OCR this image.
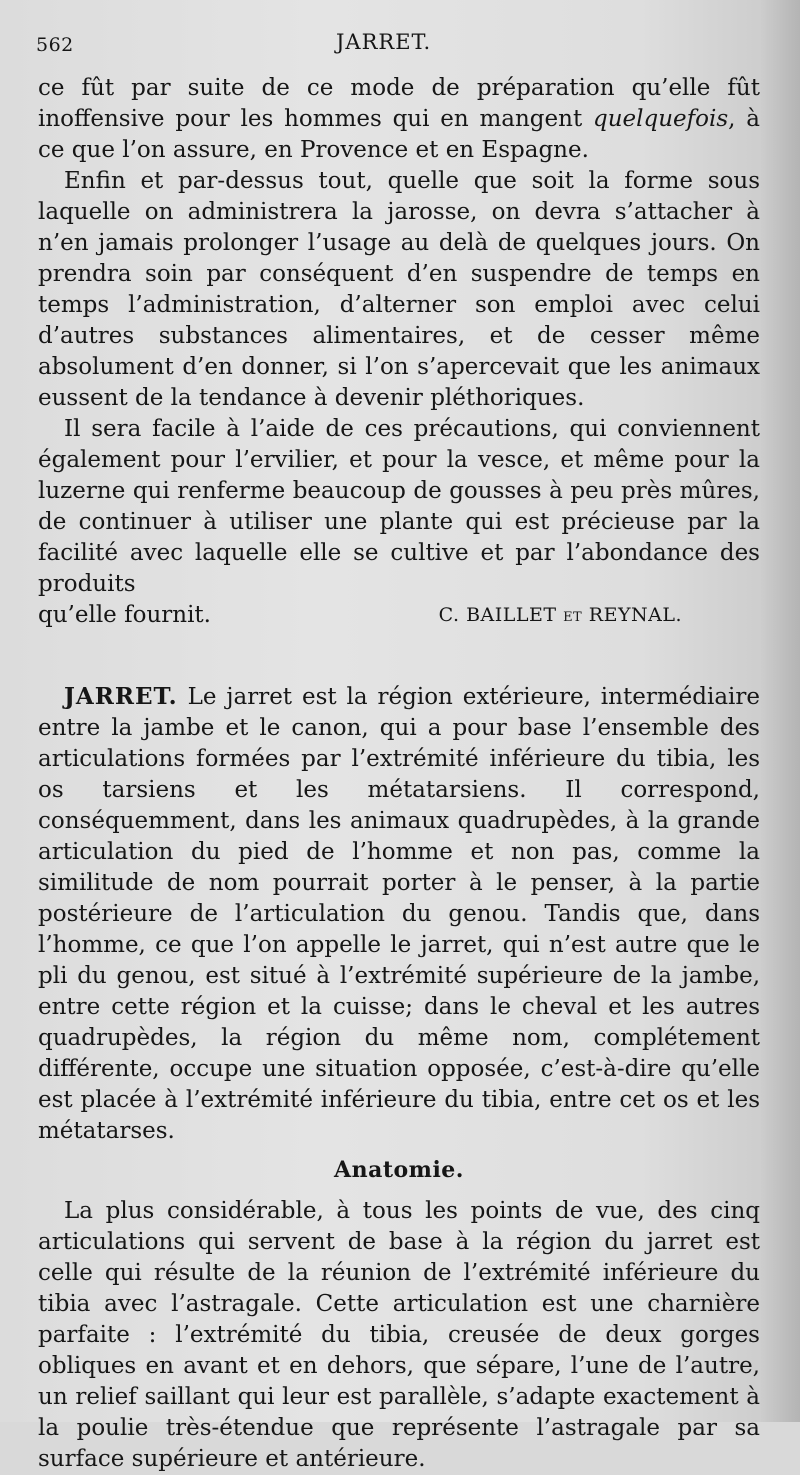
562	JARRET.

ce fût par suite de ce mode de préparation qu’elle fût inoffensive pour les hommes qui en mangent quelquefois, à ce que l’on assure, en Provence et en Espagne.

Enfin et par-dessus tout, quelle que soit la forme sous laquelle on administrera la jarosse, on devra s’attacher à n’en jamais prolonger l’usage au delà de quelques jours. On prendra soin par conséquent d’en suspendre de temps en temps l’administration, d’alterner son emploi avec celui d’autres substances alimentaires, et de cesser même absolument d’en donner, si l’on s’apercevait que les animaux eussent de la tendance à devenir pléthoriques.

Il sera facile à l’aide de ces précautions, qui conviennent également pour l’ervilier, et pour la vesce, et même pour la luzerne qui renferme beaucoup de gousses à peu près mûres, de continuer à utiliser une plante qui est précieuse par la facilité avec laquelle elle se cultive et par l’abondance des produits

qu’elle fournit.	C. BAILLET et REYNAL.

JARRET. Le jarret est la région extérieure, intermédiaire entre la jambe et le canon, qui a pour base l’ensemble des articulations formées par l’extrémité inférieure du tibia, les os tarsiens et les métatarsiens. Il correspond, conséquemment, dans les animaux quadrupèdes, à la grande articulation du pied de l’homme et non pas, comme la similitude de nom pourrait porter à le penser, à la partie postérieure de l’articulation du genou. Tandis que, dans l’homme, ce que l’on appelle le jarret, qui n’est autre que le pli du genou, est situé à l’extrémité supérieure de la jambe, entre cette région et la cuisse; dans le cheval et les autres quadrupèdes, la région du même nom, complétement différente, occupe une situation opposée, c’est-à-dire qu’elle est placée à l’extrémité inférieure du tibia, entre cet os et les métatarses.

Anatomie.

La plus considérable, à tous les points de vue, des cinq articulations qui servent de base à la région du jarret est celle qui résulte de la réunion de l’extrémité inférieure du tibia avec l’astragale. Cette articulation est une charnière parfaite : l’extrémité du tibia, creusée de deux gorges obliques en avant et en dehors, que sépare, l’une de l’autre, un relief saillant qui leur est parallèle, s’adapte exactement à la poulie très-étendue que représente l’astragale par sa surface supérieure et antérieure.
